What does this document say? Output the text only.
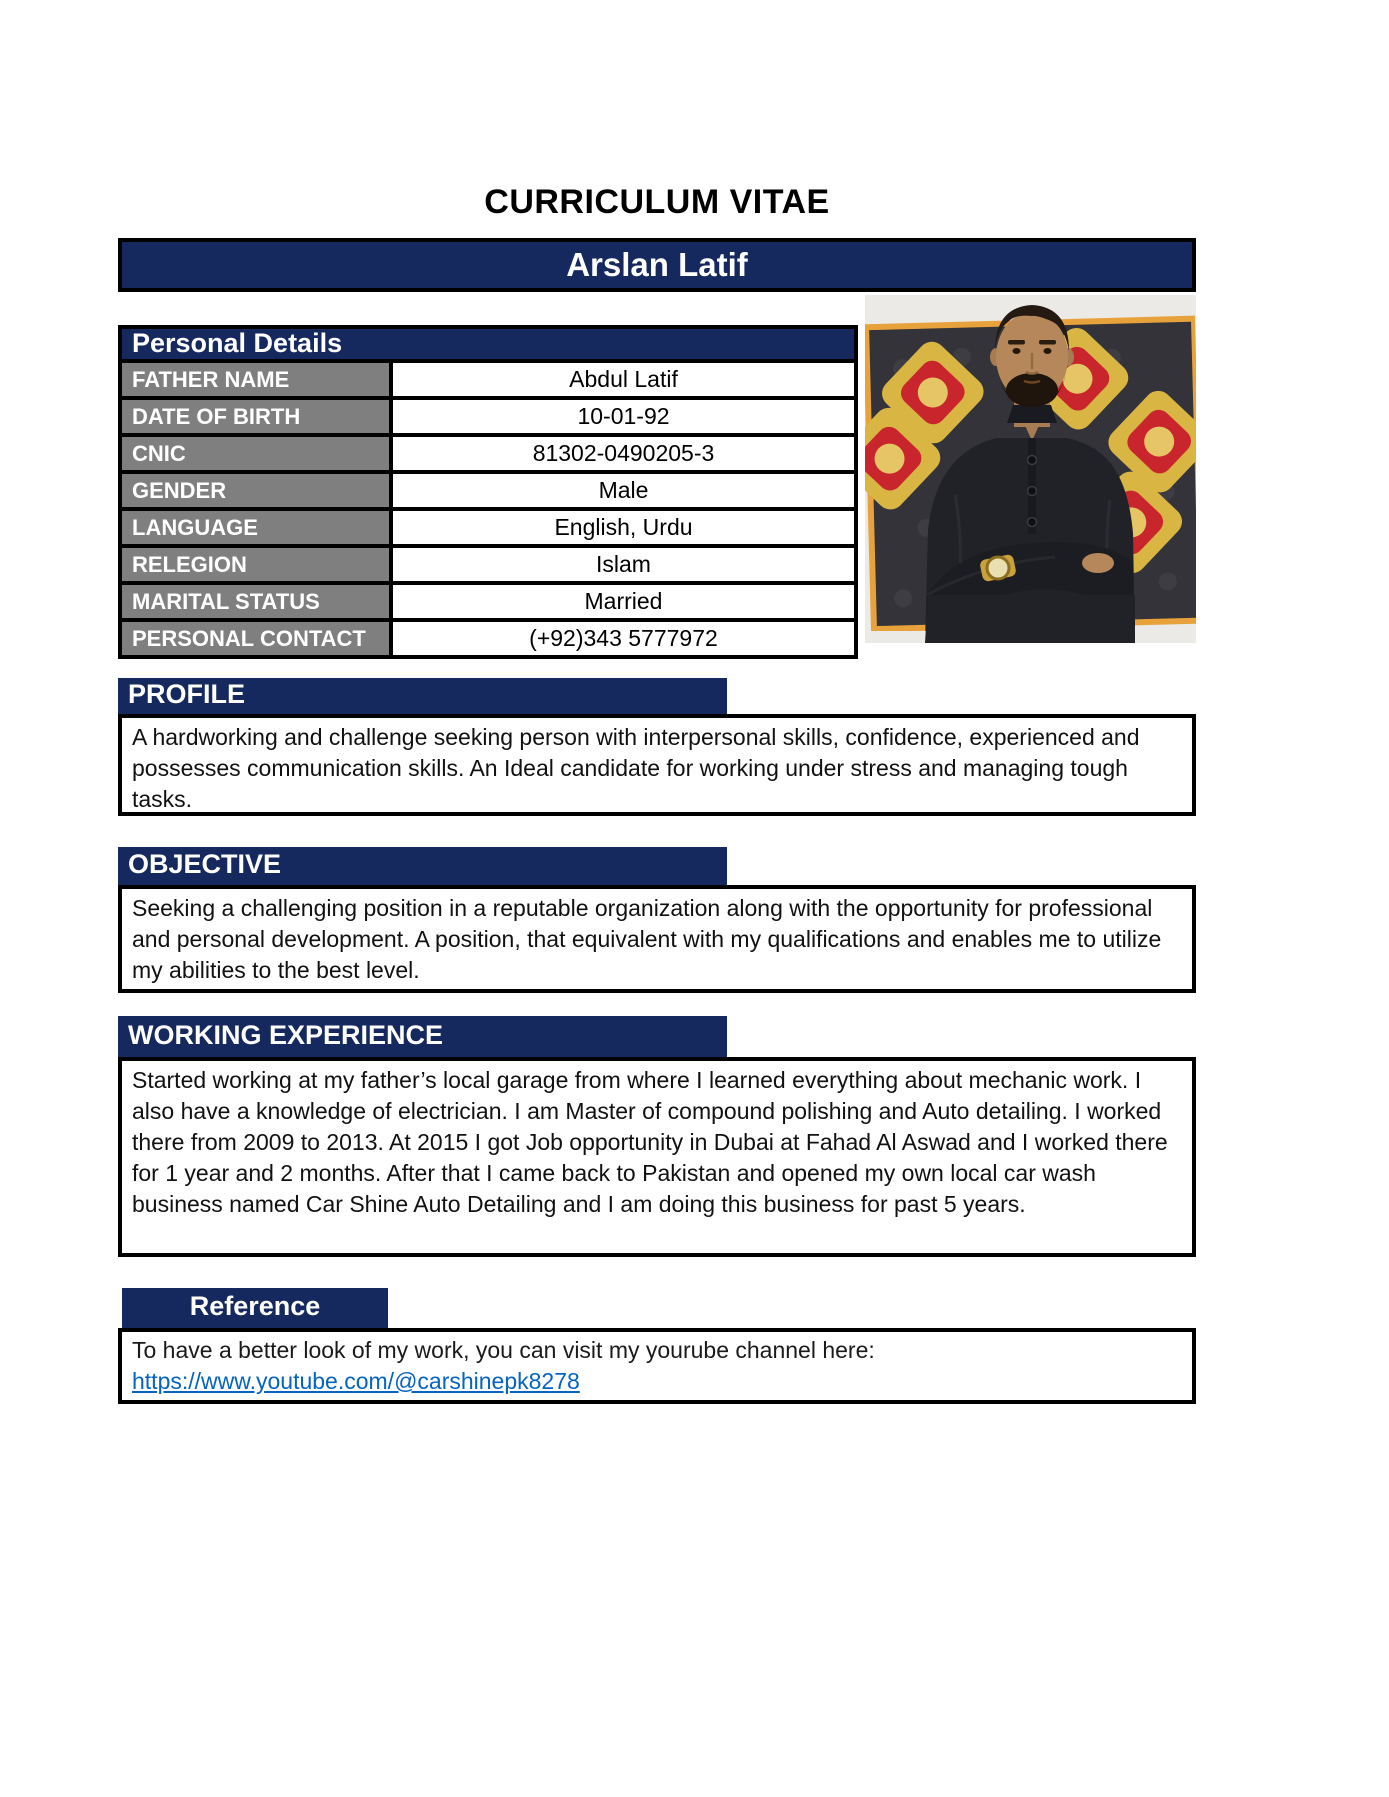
CURRICULUM VITAE
Arslan Latif
Personal Details
FATHER NAME	Abdul Latif
DATE OF BIRTH	10-01-92
CNIC	81302-0490205-3
GENDER	Male
LANGUAGE	English, Urdu
RELEGION	Islam
MARITAL STATUS	Married
PERSONAL CONTACT	(+92)343 5777972
PROFILE
A hardworking and challenge seeking person with interpersonal skills, confidence, experienced and possesses communication skills. An Ideal candidate for working under stress and managing tough tasks.
OBJECTIVE
Seeking a challenging position in a reputable organization along with the opportunity for professional and personal development. A position, that equivalent with my qualifications and enables me to utilize my abilities to the best level.
WORKING EXPERIENCE
Started working at my father’s local garage from where I learned everything about mechanic work. I also have a knowledge of electrician. I am Master of compound polishing and Auto detailing. I worked there from 2009 to 2013. At 2015 I got Job opportunity in Dubai at Fahad Al Aswad and I worked there for 1 year and 2 months. After that I came back to Pakistan and opened my own local car wash business named Car Shine Auto Detailing and I am doing this business for past 5 years.
Reference
To have a better look of my work, you can visit my yourube channel here:
https://www.youtube.com/@carshinepk8278
